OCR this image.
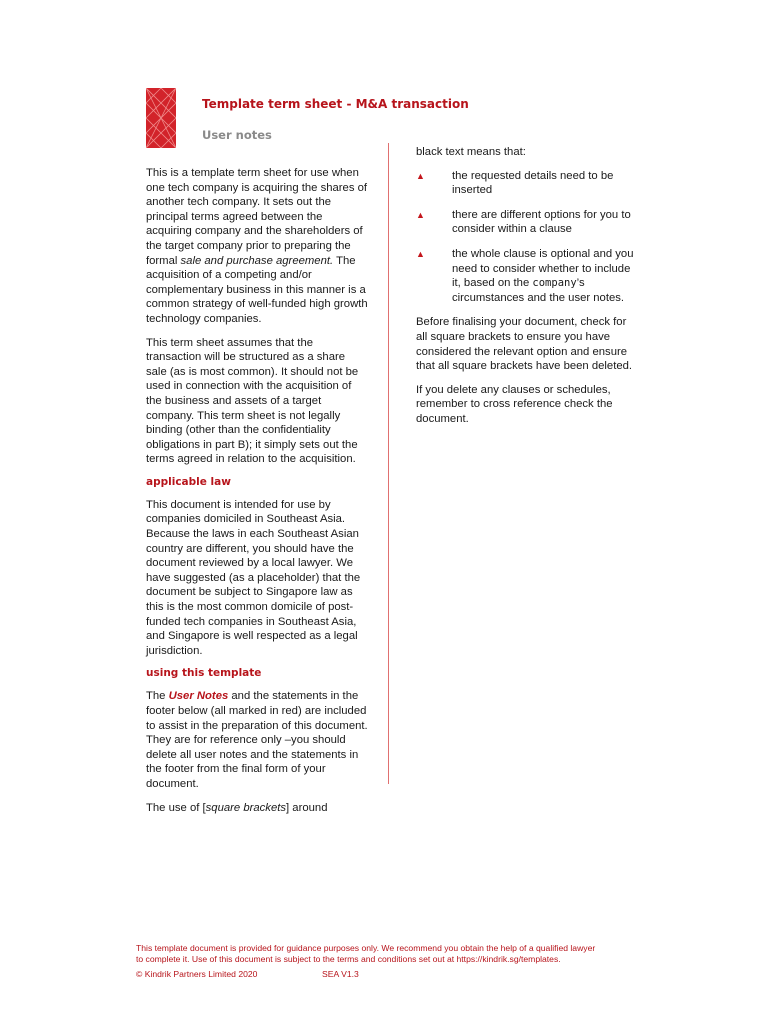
Template term sheet - M&A transaction
User notes

This is a template term sheet for use when one tech company is acquiring the shares of another tech company. It sets out the principal terms agreed between the acquiring company and the shareholders of the target company prior to preparing the formal sale and purchase agreement. The acquisition of a competing and/or complementary business in this manner is a common strategy of well-funded high growth technology companies.

This term sheet assumes that the transaction will be structured as a share sale (as is most common). It should not be used in connection with the acquisition of the business and assets of a target company. This term sheet is not legally binding (other than the confidentiality obligations in part B); it simply sets out the terms agreed in relation to the acquisition.

applicable law

This document is intended for use by companies domiciled in Southeast Asia. Because the laws in each Southeast Asian country are different, you should have the document reviewed by a local lawyer. We have suggested (as a placeholder) that the document be subject to Singapore law as this is the most common domicile of post-funded tech companies in Southeast Asia, and Singapore is well respected as a legal jurisdiction.

using this template

The User Notes and the statements in the footer below (all marked in red) are included to assist in the preparation of this document. They are for reference only –you should delete all user notes and the statements in the footer from the final form of your document.

The use of [square brackets] around

black text means that:

▲ the requested details need to be inserted
▲ there are different options for you to consider within a clause
▲ the whole clause is optional and you need to consider whether to include it, based on the company’s circumstances and the user notes.

Before finalising your document, check for all square brackets to ensure you have considered the relevant option and ensure that all square brackets have been deleted.

If you delete any clauses or schedules, remember to cross reference check the document.

This template document is provided for guidance purposes only. We recommend you obtain the help of a qualified lawyer

to complete it. Use of this document is subject to the terms and conditions set out at https://kindrik.sg/templates.

© Kindrik Partners Limited 2020	SEA V1.3
